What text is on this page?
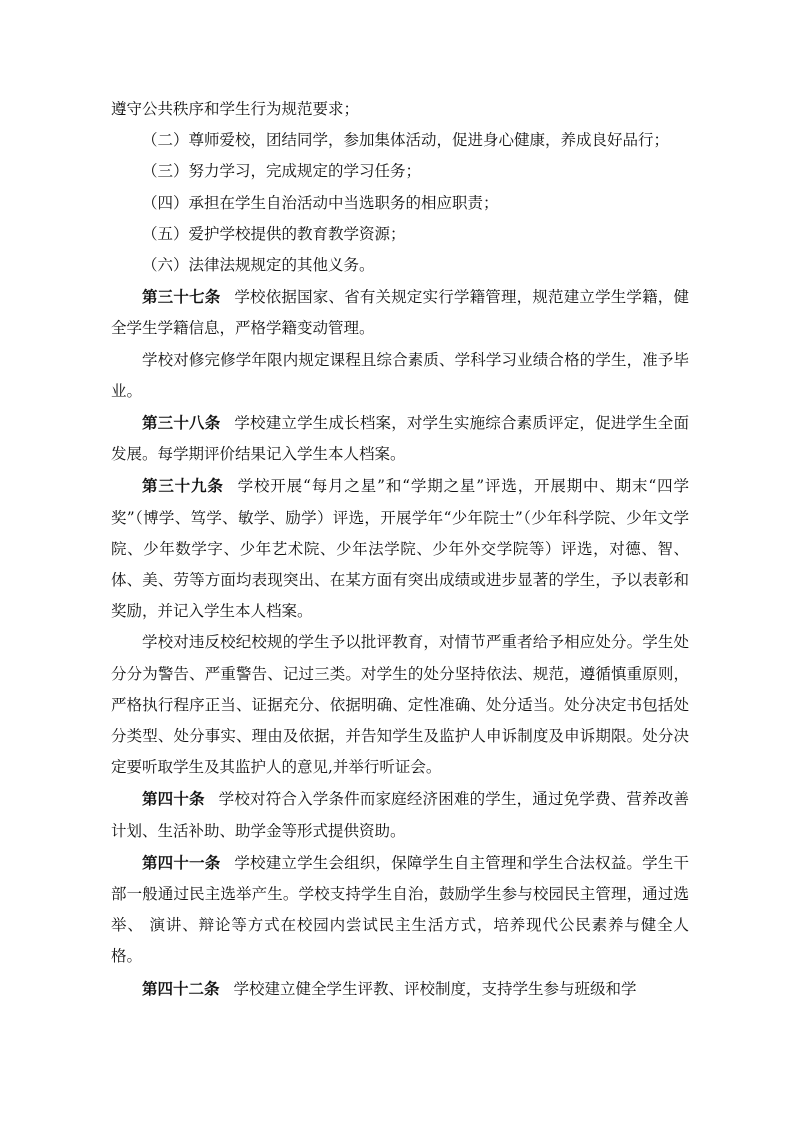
遵守公共秩序和学生行为规范要求；

（二）尊师爱校，团结同学，参加集体活动，促进身心健康，养成良好品行；

（三）努力学习，完成规定的学习任务；

（四）承担在学生自治活动中当选职务的相应职责；

（五）爱护学校提供的教育教学资源；

（六）法律法规规定的其他义务。

第三十七条 学校依据国家、省有关规定实行学籍管理，规范建立学生学籍，健全学生学籍信息，严格学籍变动管理。

学校对修完修学年限内规定课程且综合素质、学科学习业绩合格的学生，准予毕业。

第三十八条 学校建立学生成长档案，对学生实施综合素质评定，促进学生全面发展。每学期评价结果记入学生本人档案。

第三十九条 学校开展“每月之星”和“学期之星”评选，开展期中、期末“四学奖”（博学、笃学、敏学、励学）评选，开展学年“少年院士”（少年科学院、少年文学院、少年数学字、少年艺术院、少年法学院、少年外交学院等）评选，对德、智、体、美、劳等方面均表现突出、在某方面有突出成绩或进步显著的学生，予以表彰和奖励，并记入学生本人档案。

学校对违反校纪校规的学生予以批评教育，对情节严重者给予相应处分。学生处分分为警告、严重警告、记过三类。对学生的处分坚持依法、规范，遵循慎重原则，严格执行程序正当、证据充分、依据明确、定性准确、处分适当。处分决定书包括处分类型、处分事实、理由及依据，并告知学生及监护人申诉制度及申诉期限。处分决定要听取学生及其监护人的意见,并举行听证会。

第四十条 学校对符合入学条件而家庭经济困难的学生，通过免学费、营养改善计划、生活补助、助学金等形式提供资助。

第四十一条 学校建立学生会组织，保障学生自主管理和学生合法权益。学生干部一般通过民主选举产生。学校支持学生自治，鼓励学生参与校园民主管理，通过选举、 演讲、辩论等方式在校园内尝试民主生活方式，培养现代公民素养与健全人格。

第四十二条 学校建立健全学生评教、评校制度，支持学生参与班级和学
